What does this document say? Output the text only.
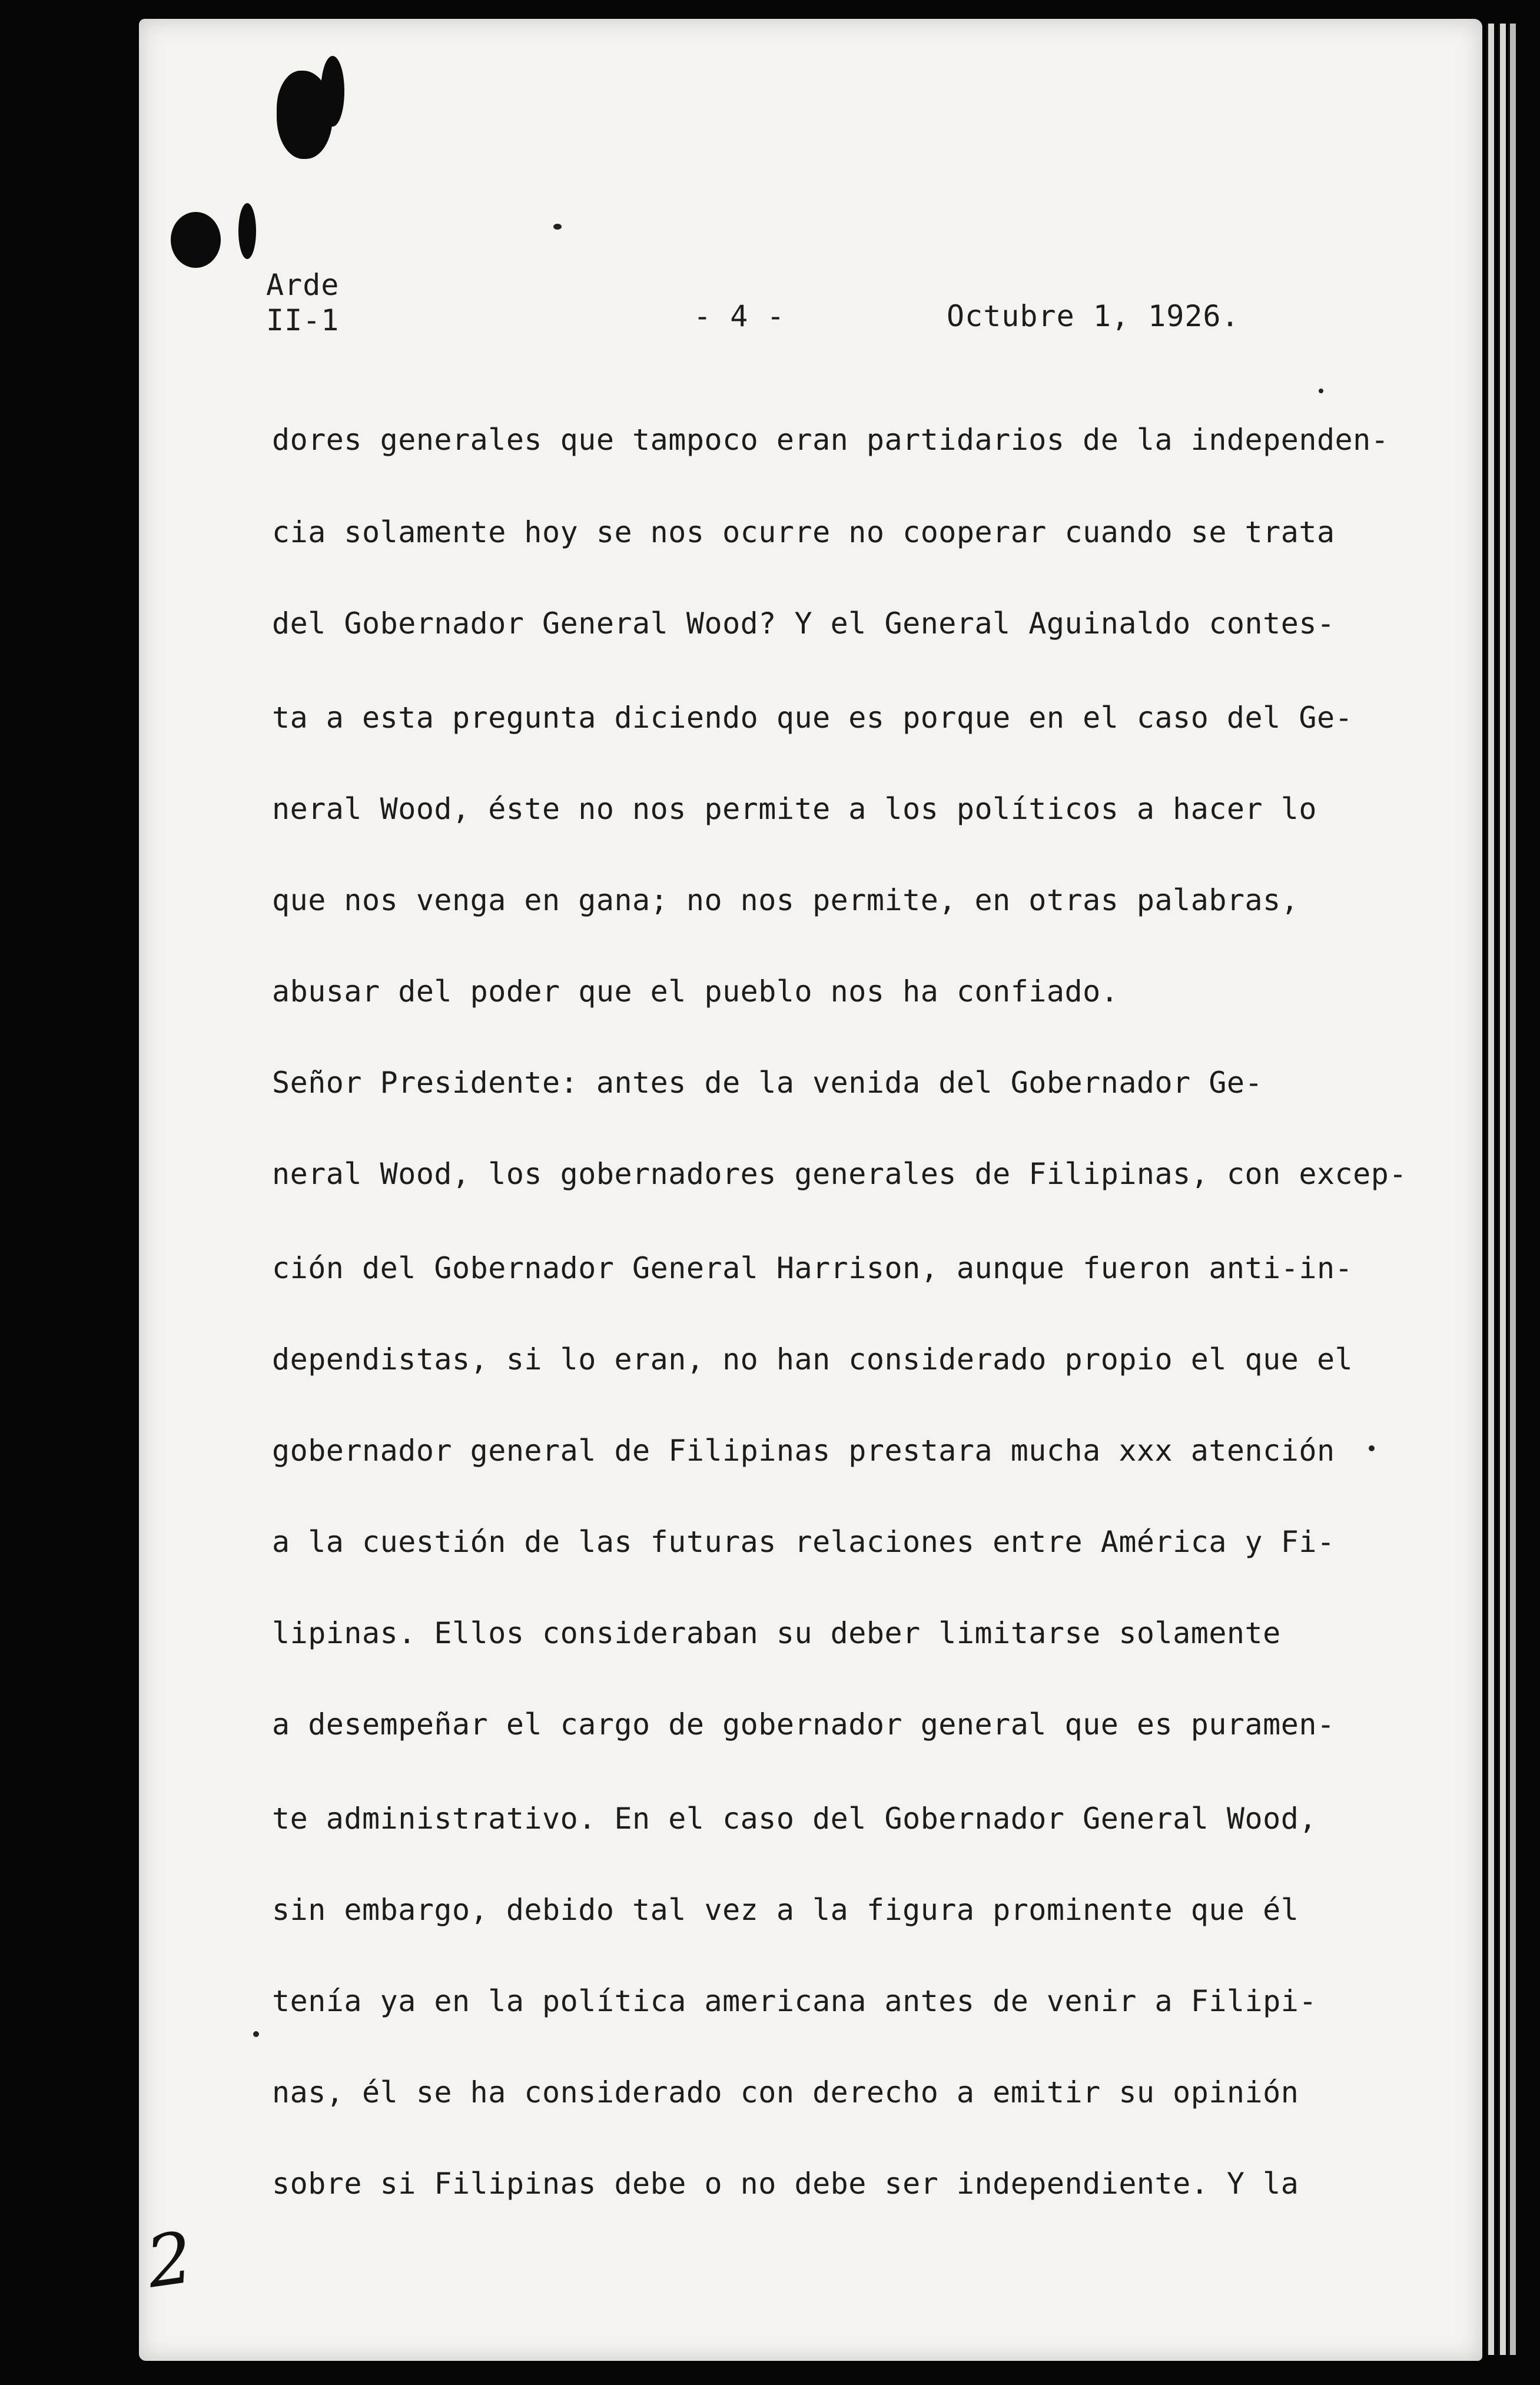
Arde
II-1	- 4 -	Octubre 1, 1926.
dores generales que tampoco eran partidarios de la independen-
cia solamente hoy se nos ocurre no cooperar cuando se trata
del Gobernador General Wood? Y el General Aguinaldo contes-
ta a esta pregunta diciendo que es porque en el caso del Ge-
neral Wood, éste no nos permite a los políticos a hacer lo
que nos venga en gana; no nos permite, en otras palabras,
abusar del poder que el pueblo nos ha confiado.
Señor Presidente: antes de la venida del Gobernador Ge-
neral Wood, los gobernadores generales de Filipinas, con excep-
ción del Gobernador General Harrison, aunque fueron anti-in-
dependistas, si lo eran, no han considerado propio el que el
gobernador general de Filipinas prestara mucha xxx atención
a la cuestión de las futuras relaciones entre América y Fi-
lipinas. Ellos consideraban su deber limitarse solamente
a desempeñar el cargo de gobernador general que es puramen-
te administrativo. En el caso del Gobernador General Wood,
sin embargo, debido tal vez a la figura prominente que él
tenía ya en la política americana antes de venir a Filipi-
nas, él se ha considerado con derecho a emitir su opinión
sobre si Filipinas debe o no debe ser independiente. Y la
2
